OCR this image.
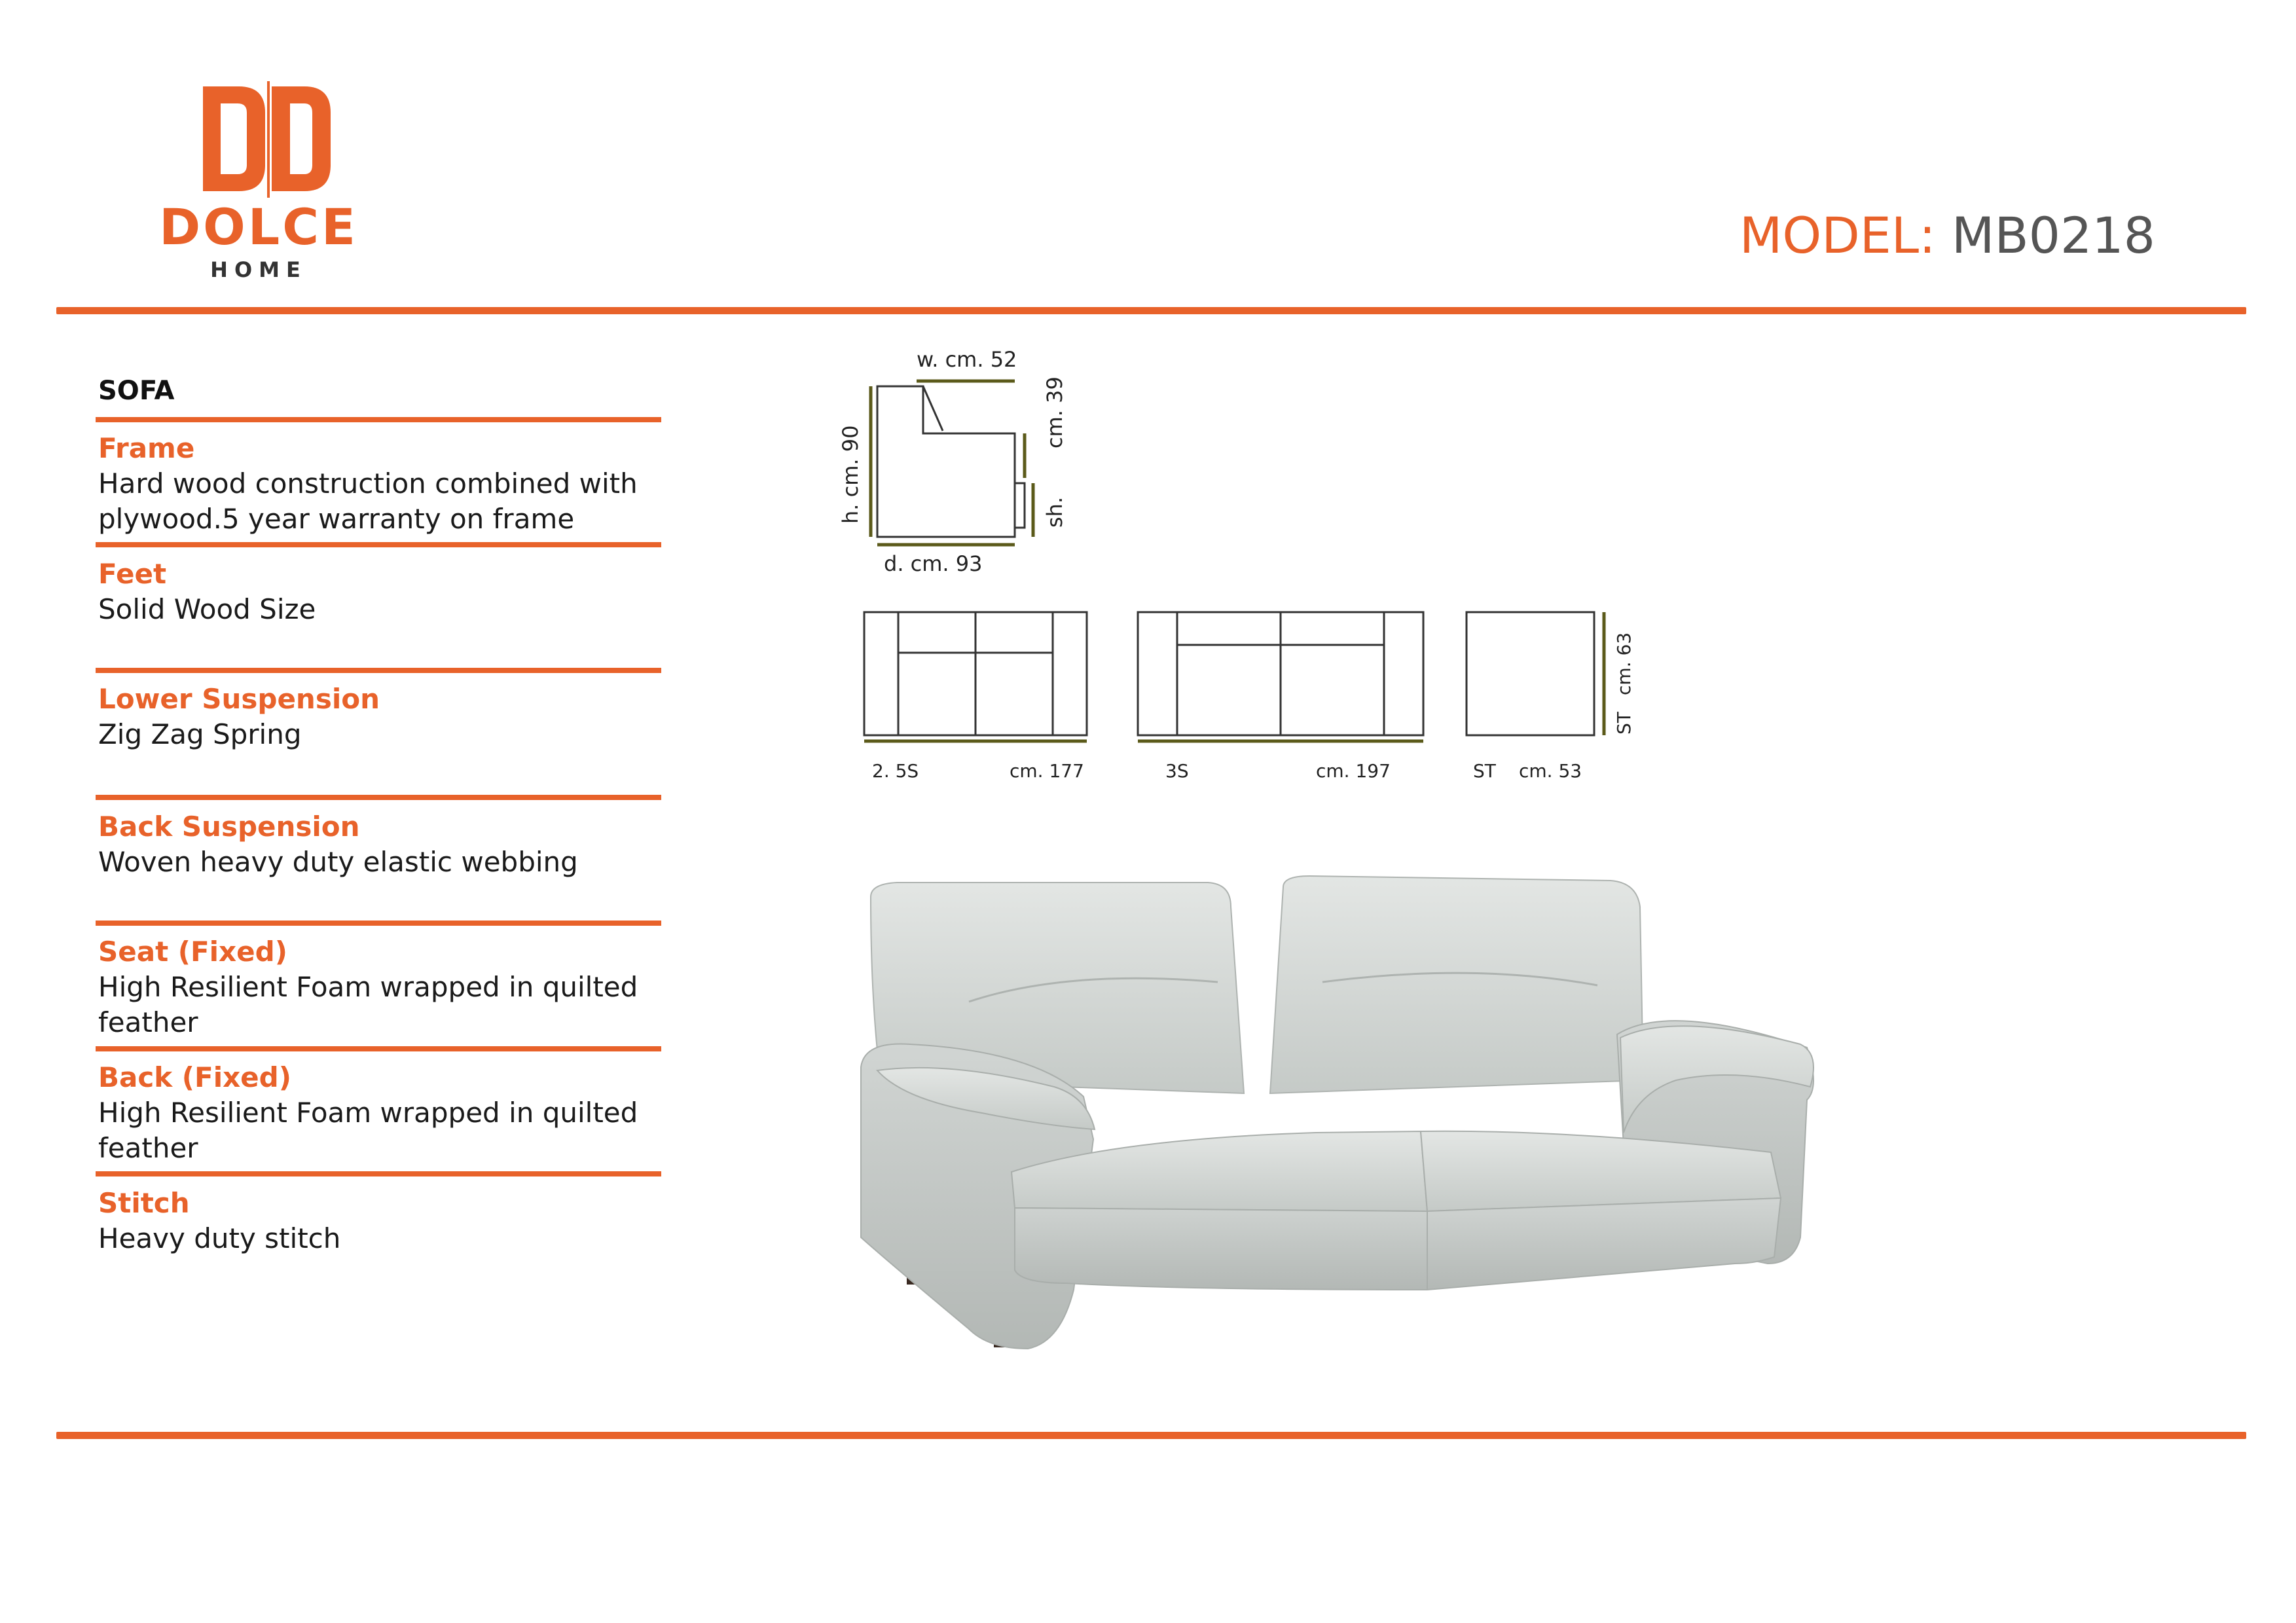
DOLCE
HOME
MODEL: MB0218
SOFA
Frame
Hard wood construction combined with plywood.5 year warranty on frame
Feet
Solid Wood Size
Lower Suspension
Zig Zag Spring
Back Suspension
Woven heavy duty elastic webbing
Seat (Fixed)
High Resilient Foam wrapped in quilted feather
Back (Fixed)
High Resilient Foam wrapped in quilted feather
Stitch
Heavy duty stitch
w. cm. 52
h. cm. 90
d. cm. 93
cm. 39
sh.
2. 5S	cm. 177	3S	cm. 197	ST cm. 53
ST
cm. 63
